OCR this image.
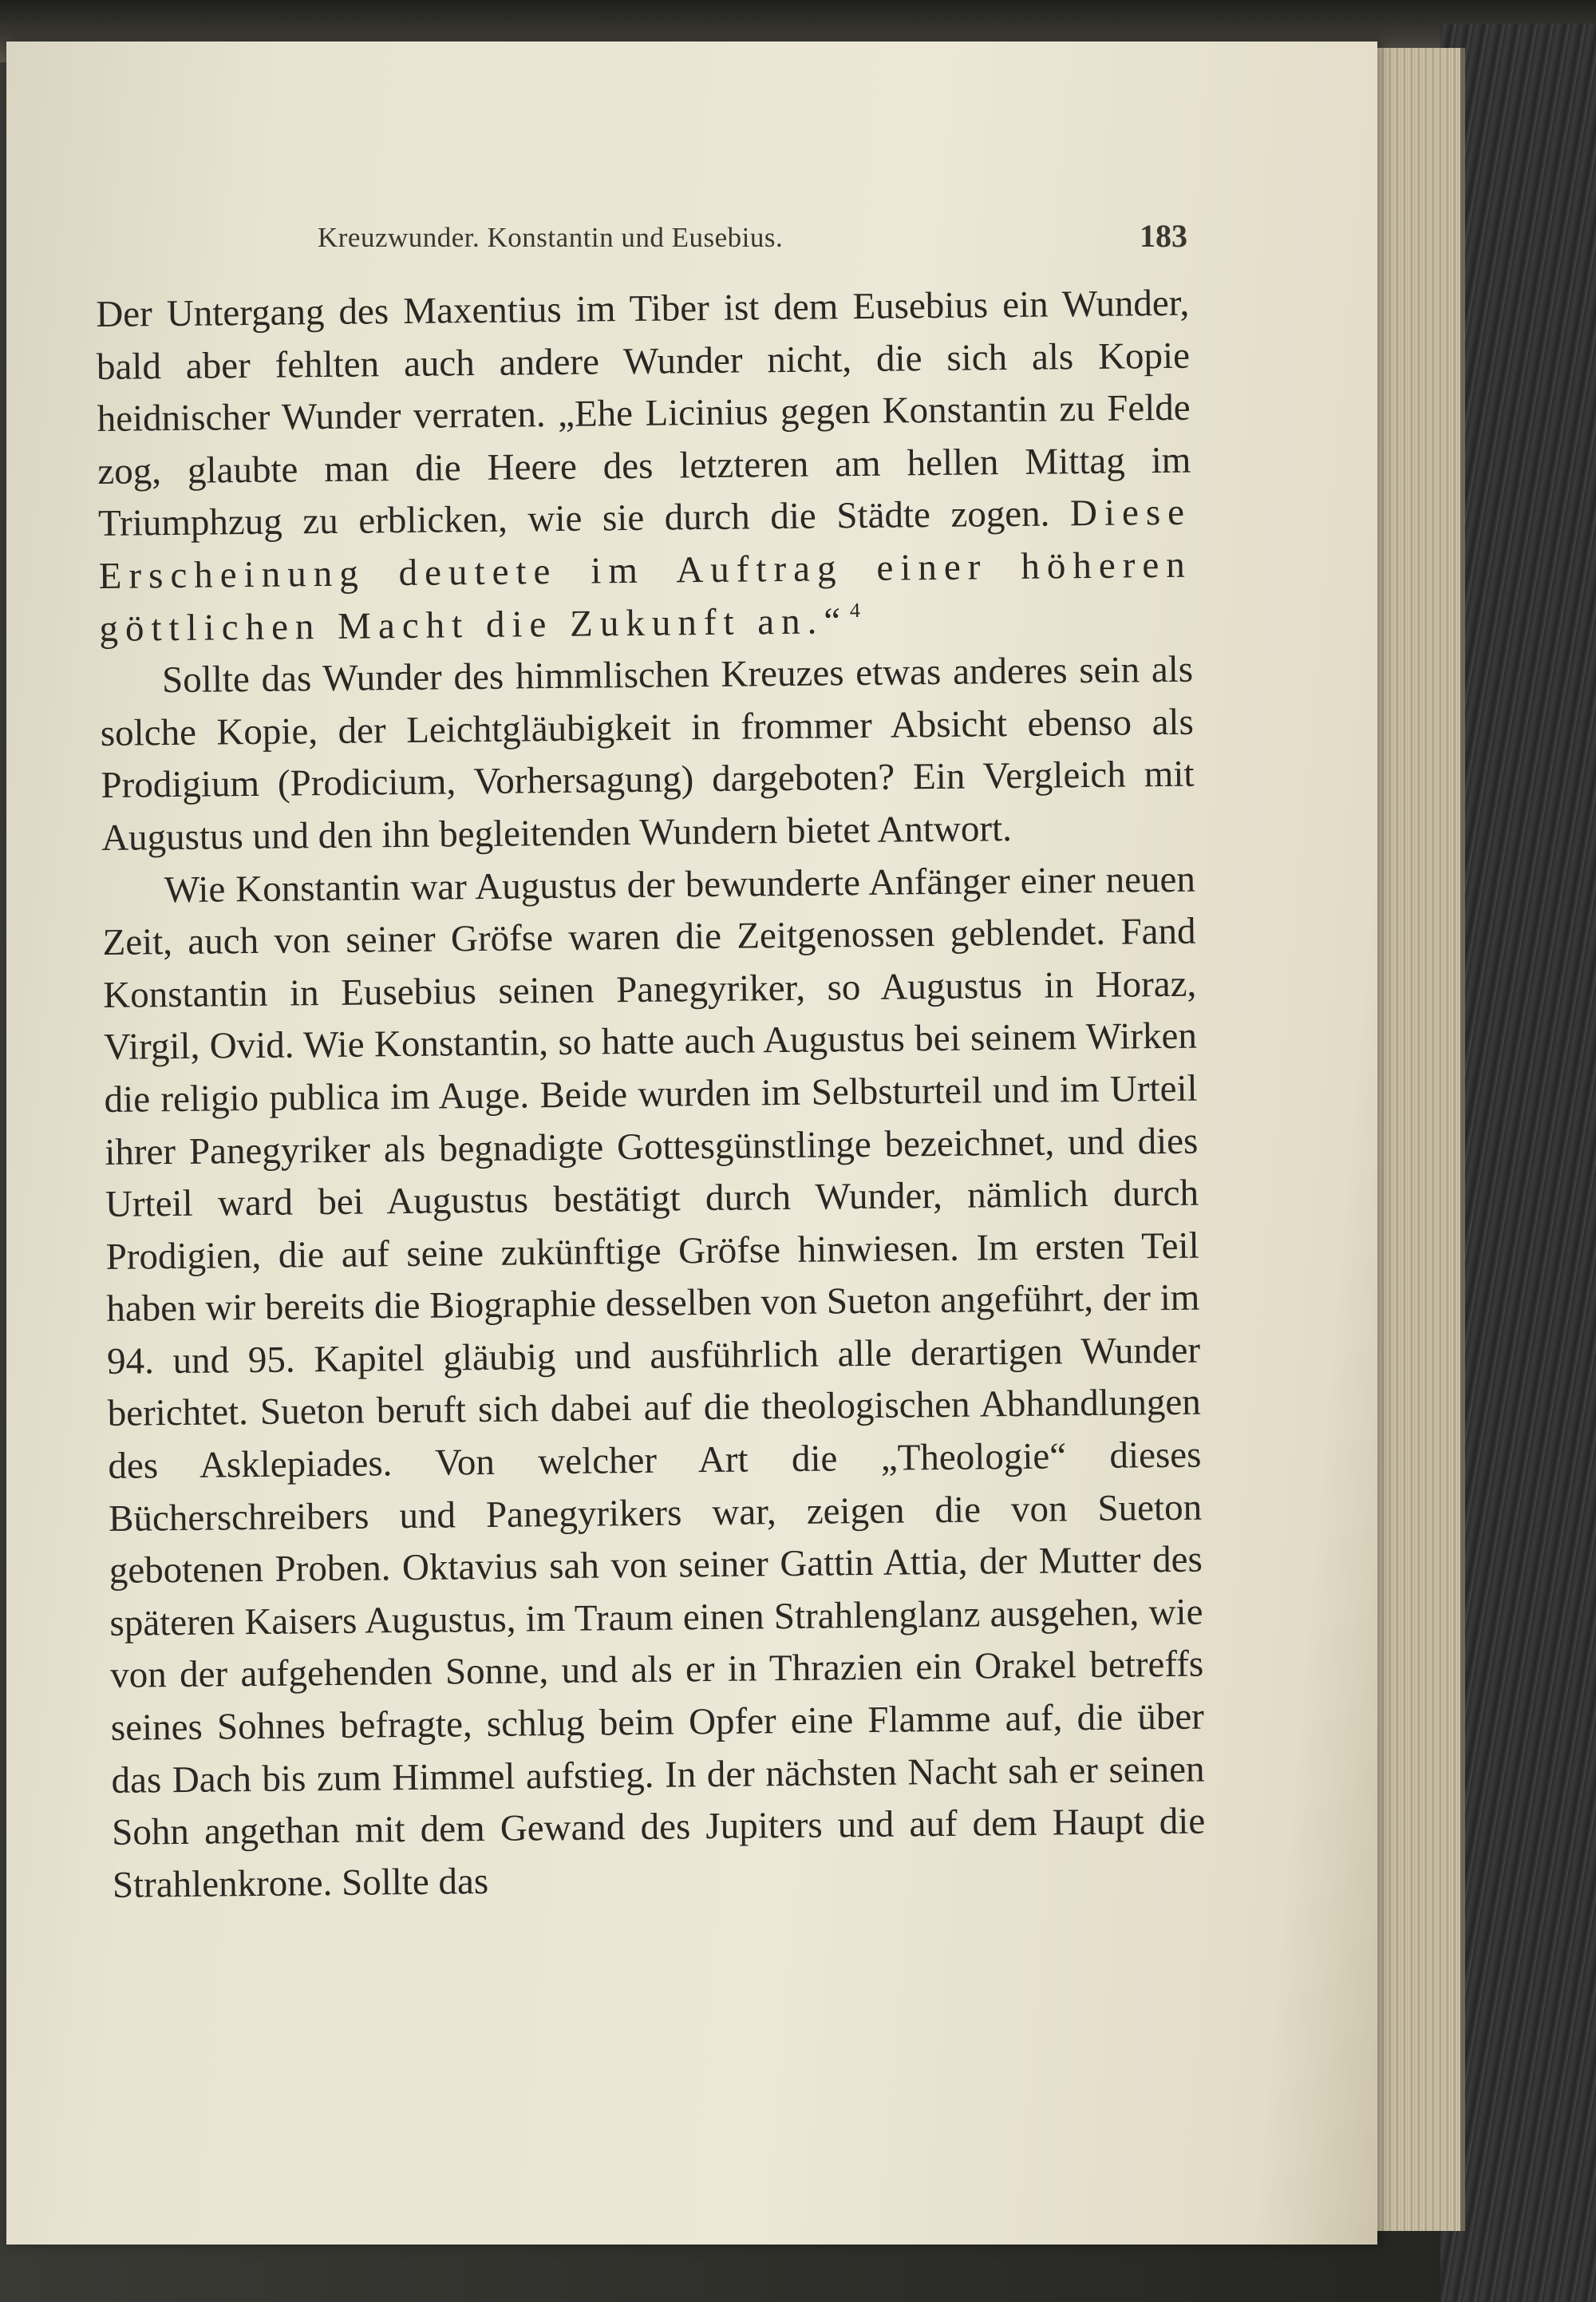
Kreuzwunder. Konstantin und Eusebius.	183

Der Untergang des Maxentius im Tiber ist dem Eusebius ein Wunder, bald aber fehlten auch andere Wunder nicht, die sich als Kopie heidnischer Wunder verraten. „Ehe Licinius gegen Konstantin zu Felde zog, glaubte man die Heere des letzteren am hellen Mittag im Triumphzug zu erblicken, wie sie durch die Städte zogen. Diese Erscheinung deutete im Auftrag einer höheren göttlichen Macht die Zukunft an.“ $^4$

Sollte das Wunder des himmlischen Kreuzes etwas anderes sein als solche Kopie, der Leichtgläubigkeit in frommer Absicht ebenso als Prodigium (Prodicium, Vorhersagung) dargeboten? Ein Vergleich mit Augustus und den ihn begleitenden Wundern bietet Antwort.

Wie Konstantin war Augustus der bewunderte Anfänger einer neuen Zeit, auch von seiner Gröfse waren die Zeitgenossen geblendet. Fand Konstantin in Eusebius seinen Panegyriker, so Augustus in Horaz, Virgil, Ovid. Wie Konstantin, so hatte auch Augustus bei seinem Wirken die religio publica im Auge. Beide wurden im Selbsturteil und im Urteil ihrer Panegyriker als begnadigte Gottesgünstlinge bezeichnet, und dies Urteil ward bei Augustus bestätigt durch Wunder, nämlich durch Prodigien, die auf seine zukünftige Gröfse hinwiesen. Im ersten Teil haben wir bereits die Biographie desselben von Sueton angeführt, der im 94. und 95. Kapitel gläubig und ausführlich alle derartigen Wunder berichtet. Sueton beruft sich dabei auf die theologischen Abhandlungen des Asklepiades. Von welcher Art die „Theologie“ dieses Bücherschreibers und Panegyrikers war, zeigen die von Sueton gebotenen Proben. Oktavius sah von seiner Gattin Attia, der Mutter des späteren Kaisers Augustus, im Traum einen Strahlenglanz ausgehen, wie von der aufgehenden Sonne, und als er in Thrazien ein Orakel betreffs seines Sohnes befragte, schlug beim Opfer eine Flamme auf, die über das Dach bis zum Himmel aufstieg. In der nächsten Nacht sah er seinen Sohn angethan mit dem Gewand des Jupiters und auf dem Haupt die Strahlenkrone. Sollte das
